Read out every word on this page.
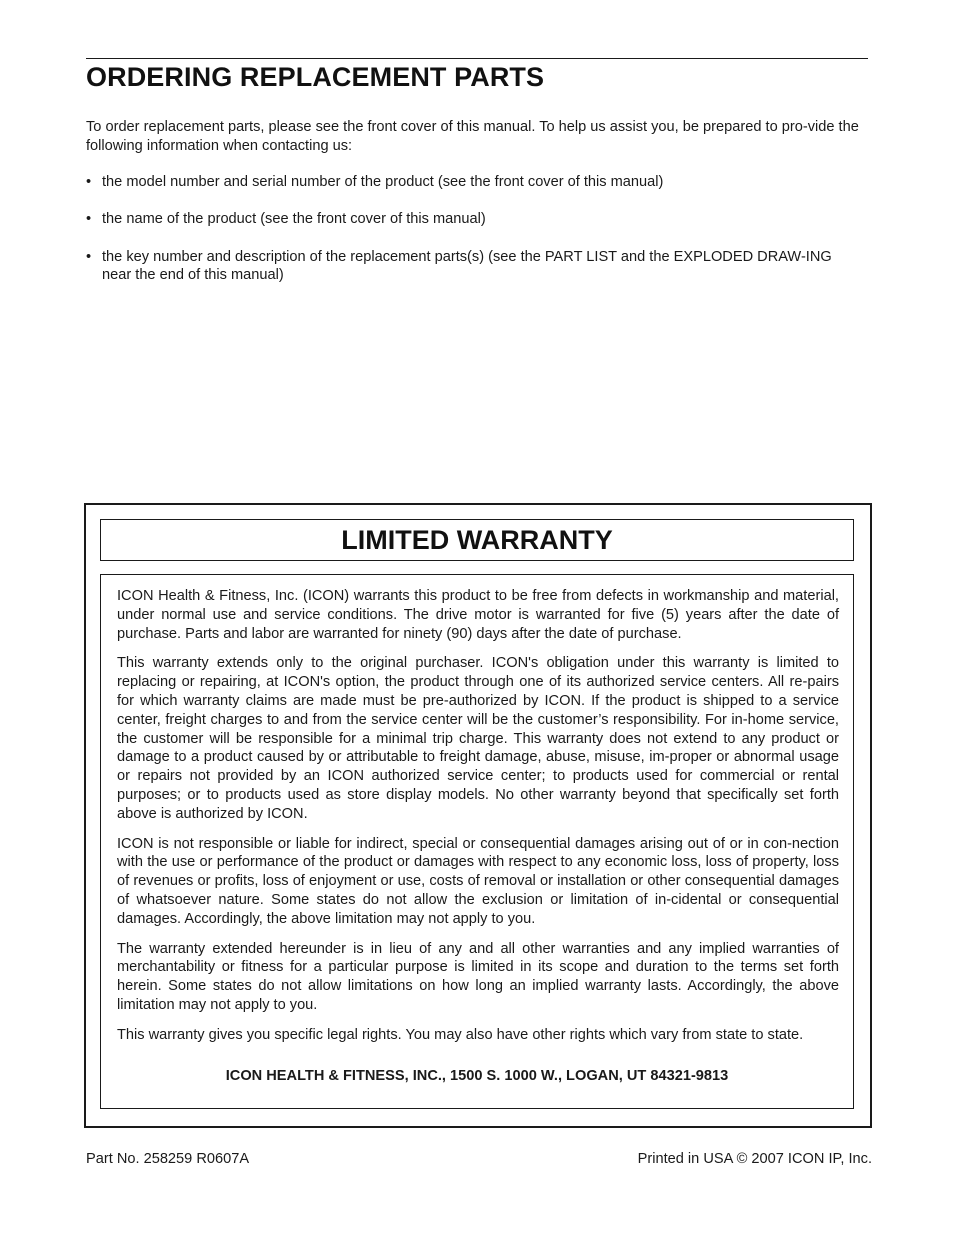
ORDERING REPLACEMENT PARTS

To order replacement parts, please see the front cover of this manual. To help us assist you, be prepared to pro-vide the following information when contacting us:

• the model number and serial number of the product (see the front cover of this manual)
• the name of the product (see the front cover of this manual)
• the key number and description of the replacement parts(s) (see the PART LIST and the EXPLODED DRAW-ING near the end of this manual)
LIMITED WARRANTY

ICON Health & Fitness, Inc. (ICON) warrants this product to be free from defects in workmanship and material, under normal use and service conditions. The drive motor is warranted for five (5) years after the date of purchase. Parts and labor are warranted for ninety (90) days after the date of purchase.

This warranty extends only to the original purchaser. ICON's obligation under this warranty is limited to replacing or repairing, at ICON's option, the product through one of its authorized service centers. All re-pairs for which warranty claims are made must be pre-authorized by ICON. If the product is shipped to a service center, freight charges to and from the service center will be the customer’s responsibility. For in-home service, the customer will be responsible for a minimal trip charge. This warranty does not extend to any product or damage to a product caused by or attributable to freight damage, abuse, misuse, im-proper or abnormal usage or repairs not provided by an ICON authorized service center; to products used for commercial or rental purposes; or to products used as store display models. No other warranty beyond that specifically set forth above is authorized by ICON.

ICON is not responsible or liable for indirect, special or consequential damages arising out of or in con-nection with the use or performance of the product or damages with respect to any economic loss, loss of property, loss of revenues or profits, loss of enjoyment or use, costs of removal or installation or other consequential damages of whatsoever nature. Some states do not allow the exclusion or limitation of in-cidental or consequential damages. Accordingly, the above limitation may not apply to you.

The warranty extended hereunder is in lieu of any and all other warranties and any implied warranties of merchantability or fitness for a particular purpose is limited in its scope and duration to the terms set forth herein. Some states do not allow limitations on how long an implied warranty lasts. Accordingly, the above limitation may not apply to you.

This warranty gives you specific legal rights. You may also have other rights which vary from state to state.

ICON HEALTH & FITNESS, INC., 1500 S. 1000 W., LOGAN, UT 84321-9813
Part No. 258259 R0607A	Printed in USA © 2007 ICON IP, Inc.
